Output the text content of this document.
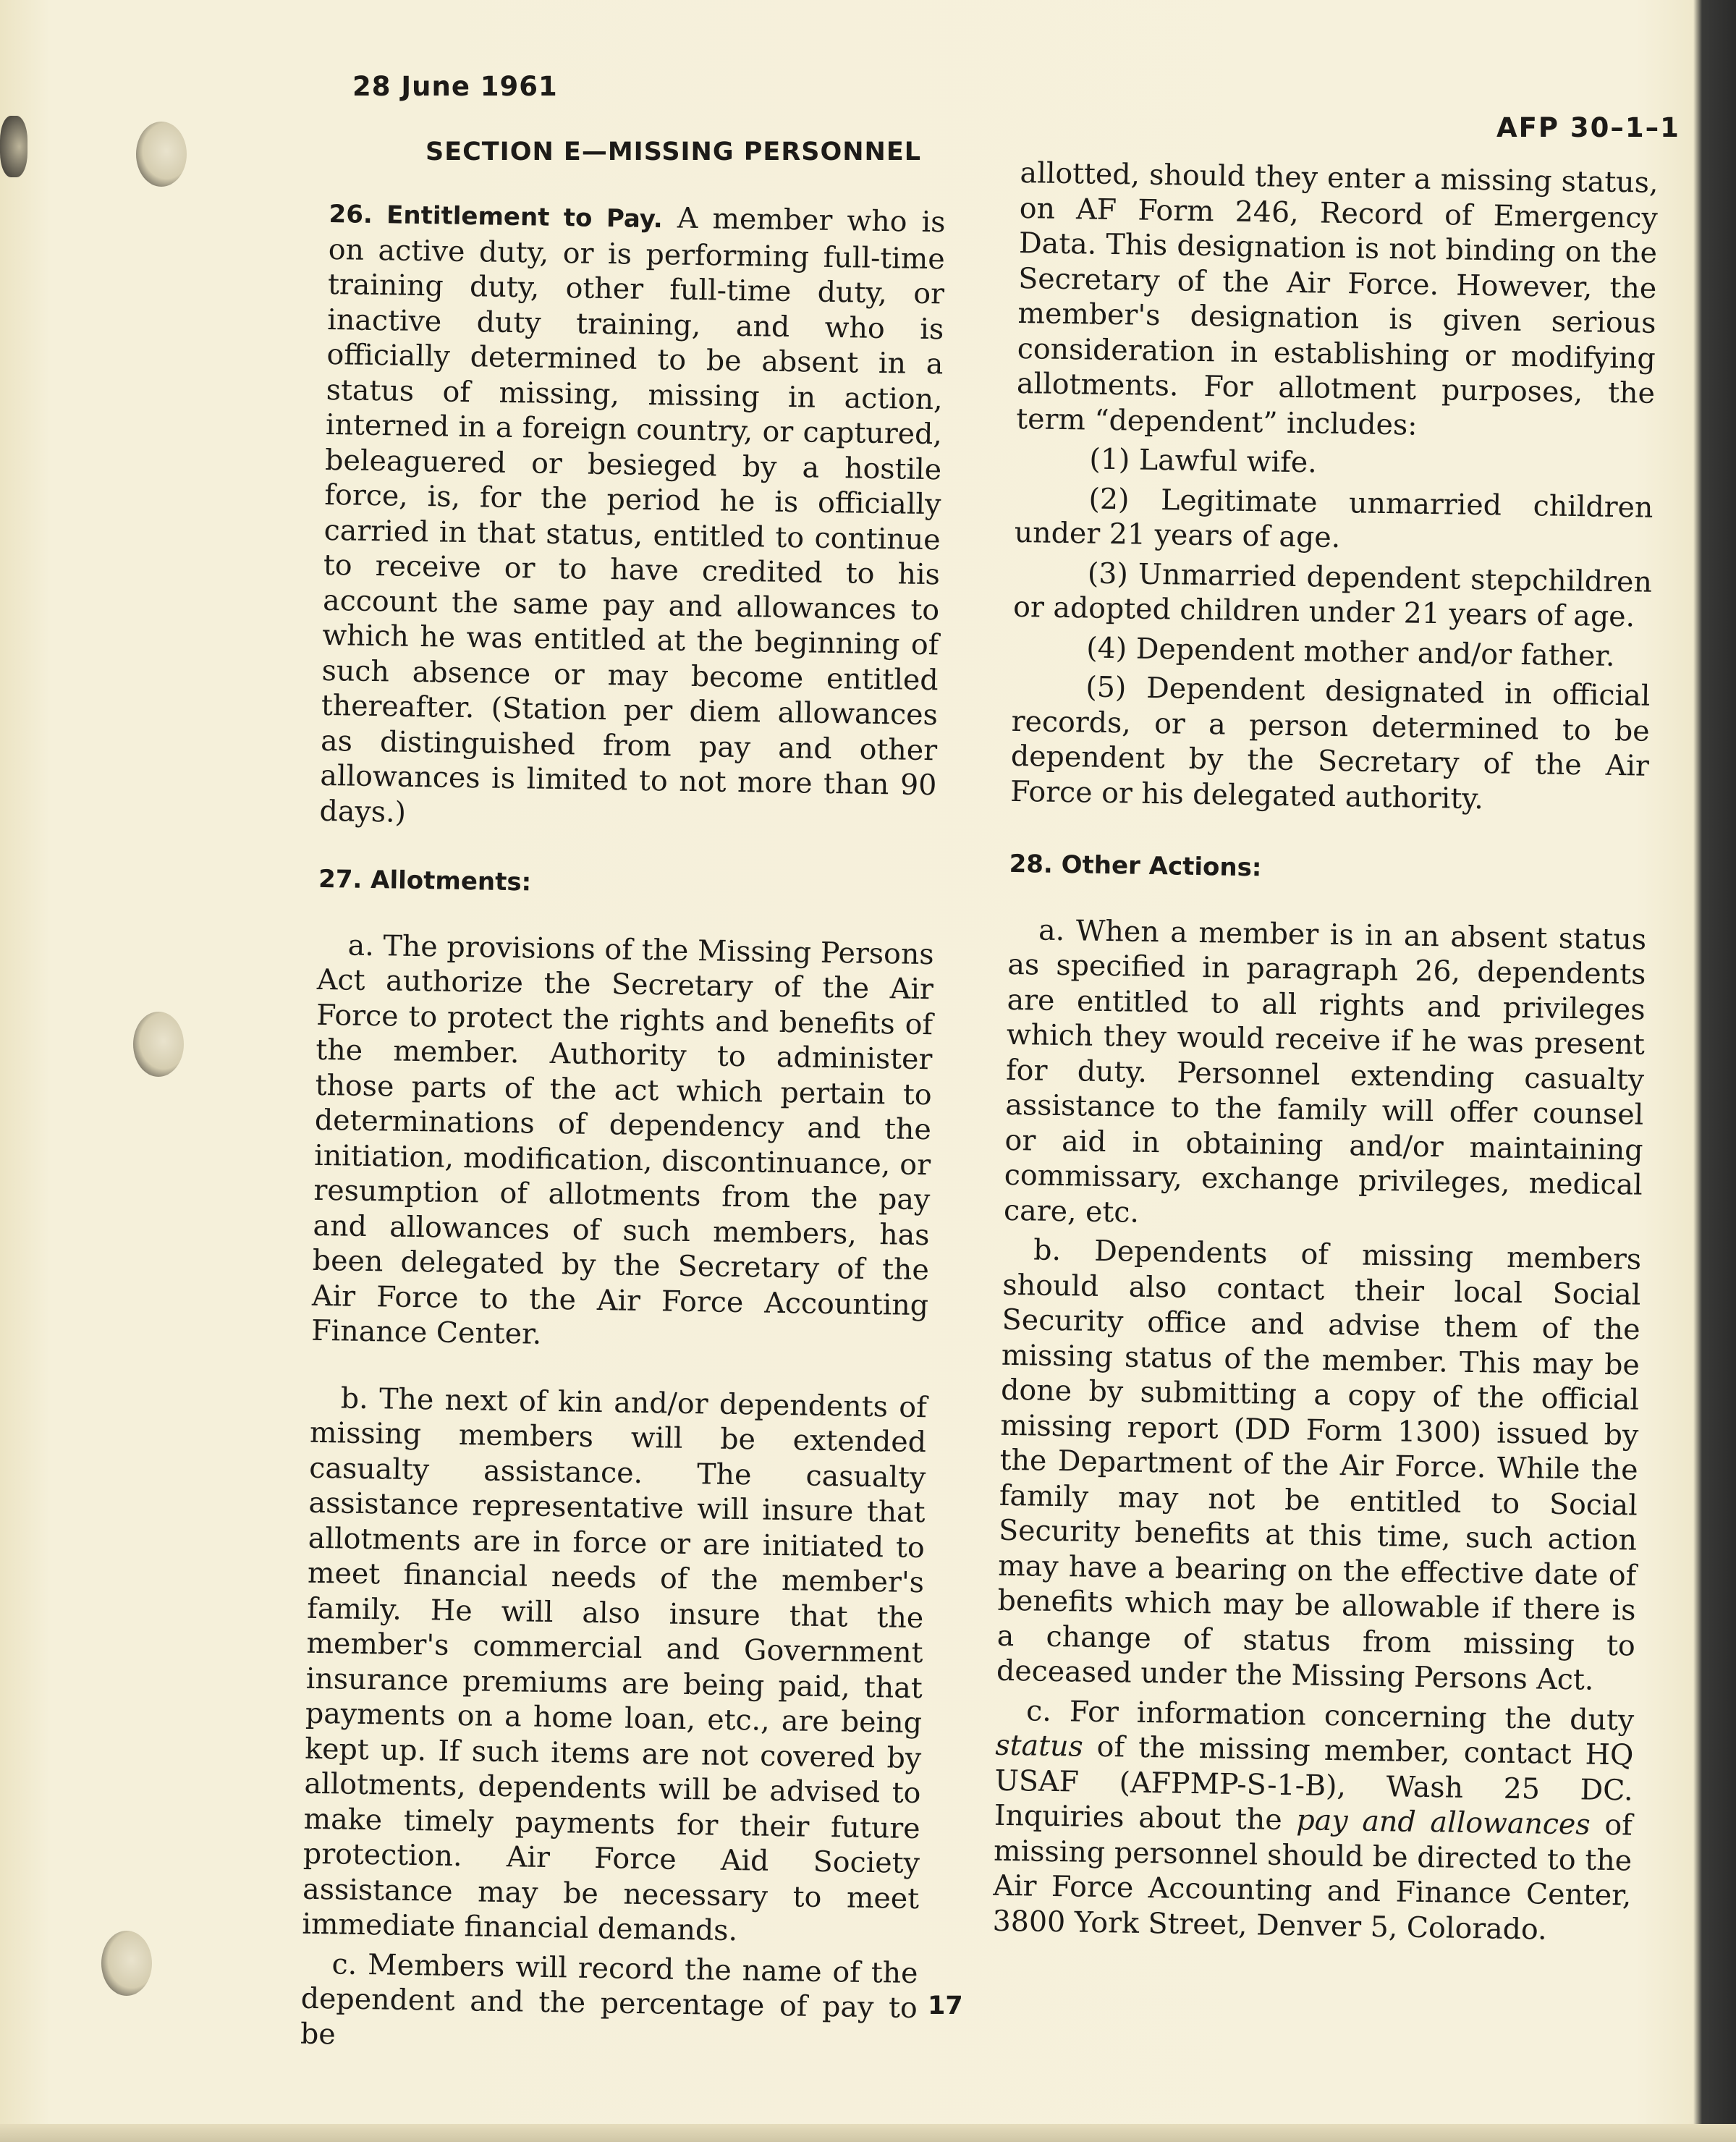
28 June 1961
AFP 30–1–1
SECTION E—MISSING PERSONNEL

26. Entitlement to Pay. A member who is on active duty, or is performing full-time training duty, other full-time duty, or inactive duty training, and who is officially determined to be absent in a status of missing, missing in action, interned in a foreign country, or captured, beleaguered or besieged by a hostile force, is, for the period he is officially carried in that status, entitled to continue to receive or to have credited to his account the same pay and allowances to which he was entitled at the beginning of such absence or may become entitled thereafter. (Station per diem allowances as distinguished from pay and other allowances is limited to not more than 90 days.)

27. Allotments:

a. The provisions of the Missing Persons Act authorize the Secretary of the Air Force to protect the rights and benefits of the member. Authority to administer those parts of the act which pertain to determinations of dependency and the initiation, modification, discontinuance, or resumption of allotments from the pay and allowances of such members, has been delegated by the Secretary of the Air Force to the Air Force Accounting Finance Center.

b. The next of kin and/or dependents of missing members will be extended casualty assistance. The casualty assistance representative will insure that allotments are in force or are initiated to meet financial needs of the member's family. He will also insure that the member's commercial and Government insurance premiums are being paid, that payments on a home loan, etc., are being kept up. If such items are not covered by allotments, dependents will be advised to make timely payments for their future protection. Air Force Aid Society assistance may be necessary to meet immediate financial demands.

c. Members will record the name of the dependent and the percentage of pay to be

allotted, should they enter a missing status, on AF Form 246, Record of Emergency Data. This designation is not binding on the Secretary of the Air Force. However, the member's designation is given serious consideration in establishing or modifying allotments. For allotment purposes, the term “dependent” includes:

(1) Lawful wife.

(2) Legitimate unmarried children under 21 years of age.

(3) Unmarried dependent stepchildren or adopted children under 21 years of age.

(4) Dependent mother and/or father.

(5) Dependent designated in official records, or a person determined to be dependent by the Secretary of the Air Force or his delegated authority.

28. Other Actions:

a. When a member is in an absent status as specified in paragraph 26, dependents are entitled to all rights and privileges which they would receive if he was present for duty. Personnel extending casualty assistance to the family will offer counsel or aid in obtaining and/or maintaining commissary, exchange privileges, medical care, etc.

b. Dependents of missing members should also contact their local Social Security office and advise them of the missing status of the member. This may be done by submitting a copy of the official missing report (DD Form 1300) issued by the Department of the Air Force. While the family may not be entitled to Social Security benefits at this time, such action may have a bearing on the effective date of benefits which may be allowable if there is a change of status from missing to deceased under the Missing Persons Act.

c. For information concerning the duty status of the missing member, contact HQ USAF (AFPMP-S-1-B), Wash 25 DC. Inquiries about the pay and allowances of missing personnel should be directed to the Air Force Accounting and Finance Center, 3800 York Street, Denver 5, Colorado.

17
